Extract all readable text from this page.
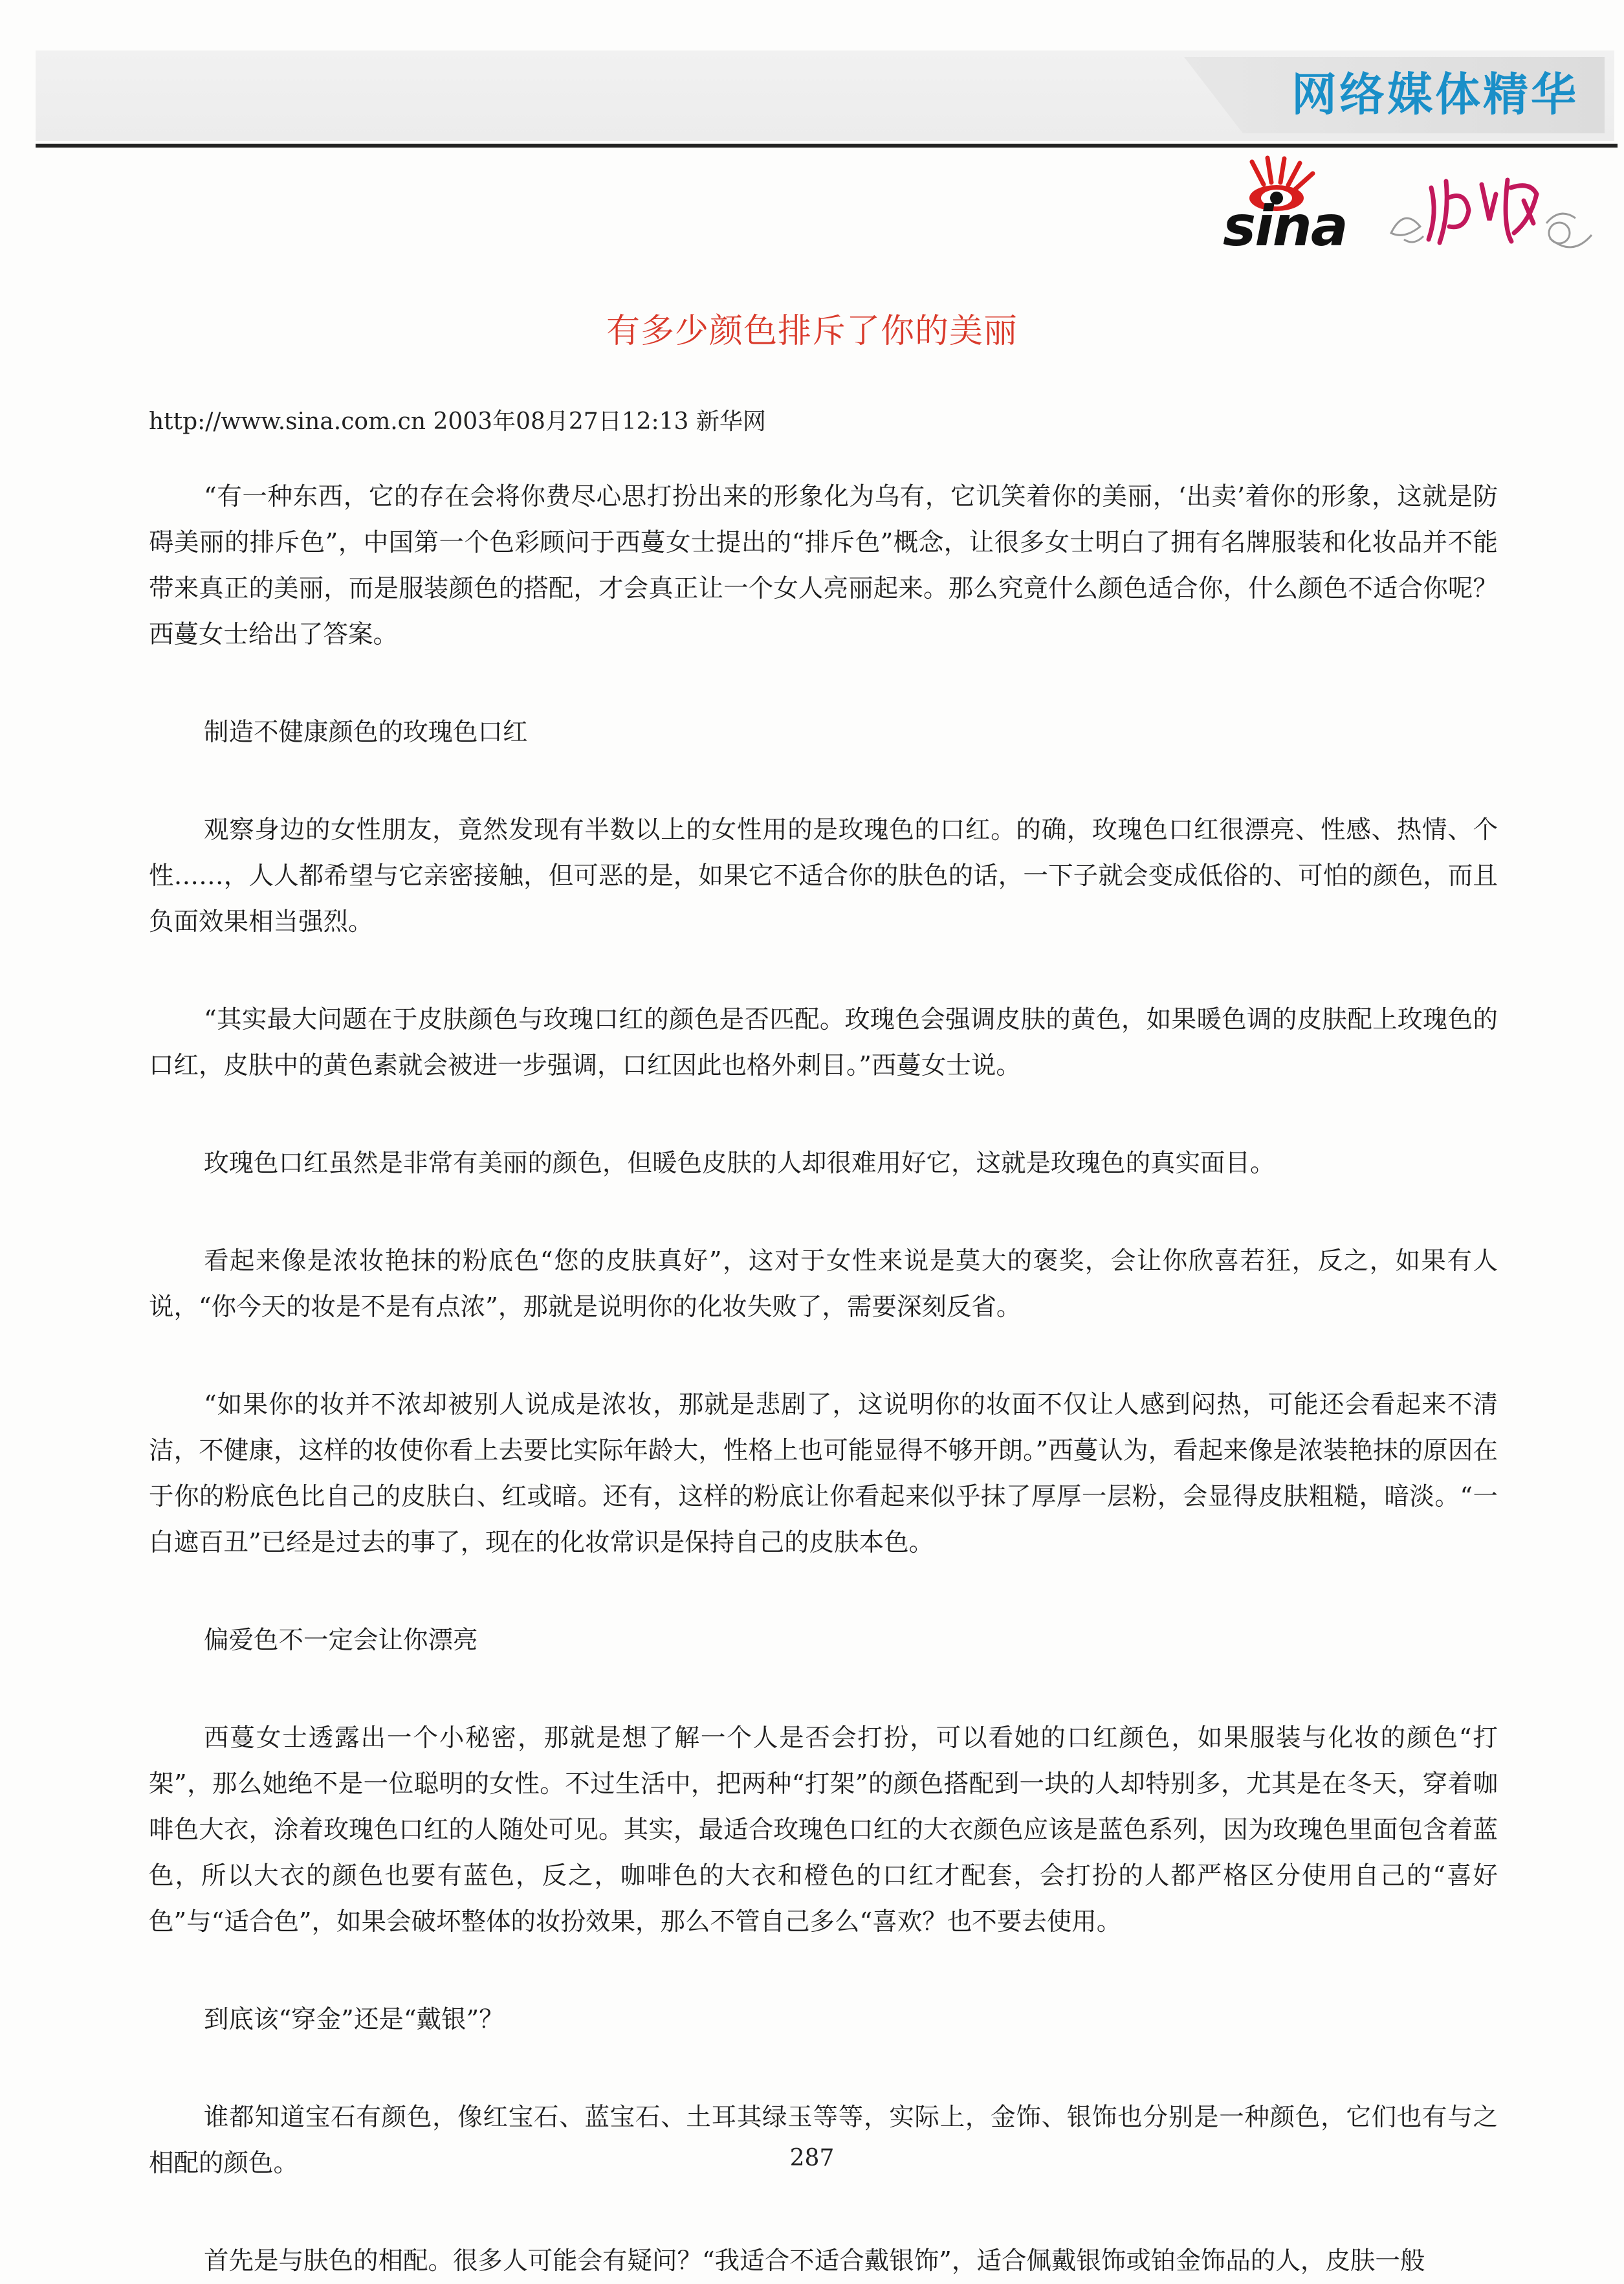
网络媒体精华
sina
有多少颜色排斥了你的美丽
http://www.sina.com.cn 2003年08月27日12:13 新华网

“有一种东西，它的存在会将你费尽心思打扮出来的形象化为乌有，它讥笑着你的美丽，‘出卖’着你的形象，这就是防碍美丽的排斥色”，中国第一个色彩顾问于西蔓女士提出的“排斥色”概念，让很多女士明白了拥有名牌服装和化妆品并不能带来真正的美丽，而是服装颜色的搭配，才会真正让一个女人亮丽起来。那么究竟什么颜色适合你，什么颜色不适合你呢？西蔓女士给出了答案。

制造不健康颜色的玫瑰色口红

观察身边的女性朋友，竟然发现有半数以上的女性用的是玫瑰色的口红。的确，玫瑰色口红很漂亮、性感、热情、个性……，人人都希望与它亲密接触，但可恶的是，如果它不适合你的肤色的话，一下子就会变成低俗的、可怕的颜色，而且负面效果相当强烈。

“其实最大问题在于皮肤颜色与玫瑰口红的颜色是否匹配。玫瑰色会强调皮肤的黄色，如果暖色调的皮肤配上玫瑰色的口红，皮肤中的黄色素就会被进一步强调，口红因此也格外刺目。”西蔓女士说。

玫瑰色口红虽然是非常有美丽的颜色，但暖色皮肤的人却很难用好它，这就是玫瑰色的真实面目。

看起来像是浓妆艳抹的粉底色“您的皮肤真好”，这对于女性来说是莫大的褒奖，会让你欣喜若狂，反之，如果有人说，“你今天的妆是不是有点浓”，那就是说明你的化妆失败了，需要深刻反省。

“如果你的妆并不浓却被别人说成是浓妆，那就是悲剧了，这说明你的妆面不仅让人感到闷热，可能还会看起来不清洁，不健康，这样的妆使你看上去要比实际年龄大，性格上也可能显得不够开朗。”西蔓认为，看起来像是浓装艳抹的原因在于你的粉底色比自己的皮肤白、红或暗。还有，这样的粉底让你看起来似乎抹了厚厚一层粉，会显得皮肤粗糙，暗淡。“一白遮百丑”已经是过去的事了，现在的化妆常识是保持自己的皮肤本色。

偏爱色不一定会让你漂亮

西蔓女士透露出一个小秘密，那就是想了解一个人是否会打扮，可以看她的口红颜色，如果服装与化妆的颜色“打架”，那么她绝不是一位聪明的女性。不过生活中，把两种“打架”的颜色搭配到一块的人却特别多，尤其是在冬天，穿着咖啡色大衣，涂着玫瑰色口红的人随处可见。其实，最适合玫瑰色口红的大衣颜色应该是蓝色系列，因为玫瑰色里面包含着蓝色，所以大衣的颜色也要有蓝色，反之，咖啡色的大衣和橙色的口红才配套，会打扮的人都严格区分使用自己的“喜好色”与“适合色”，如果会破坏整体的妆扮效果，那么不管自己多么“喜欢？也不要去使用。

到底该“穿金”还是“戴银”？

谁都知道宝石有颜色，像红宝石、蓝宝石、土耳其绿玉等等，实际上，金饰、银饰也分别是一种颜色，它们也有与之相配的颜色。

首先是与肤色的相配。很多人可能会有疑问？“我适合不适合戴银饰”，适合佩戴银饰或铂金饰品的人，皮肤一般

287
